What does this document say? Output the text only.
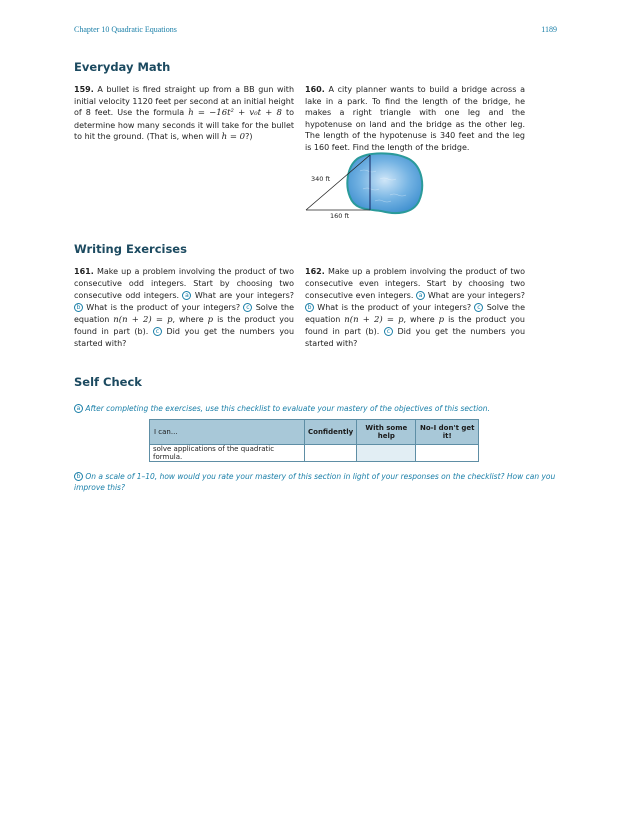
Chapter 10 Quadratic Equations	1189
Everyday Math
159. A bullet is fired straight up from a BB gun with initial velocity 1120 feet per second at an initial height of 8 feet. Use the formula h = −16t² + v₀t + 8 to determine how many seconds it will take for the bullet to hit the ground. (That is, when will h = 0?)
160. A city planner wants to build a bridge across a lake in a park. To find the length of the bridge, he makes a right triangle with one leg and the hypotenuse on land and the bridge as the other leg. The length of the hypotenuse is 340 feet and the leg is 160 feet. Find the length of the bridge.
340 ft
160 ft
Writing Exercises
161. Make up a problem involving the product of two consecutive odd integers. Start by choosing two consecutive odd integers. a What are your integers? b What is the product of your integers? c Solve the equation n(n + 2) = p, where p is the product you found in part (b). c Did you get the numbers you started with?
162. Make up a problem involving the product of two consecutive even integers. Start by choosing two consecutive even integers. a What are your integers? b What is the product of your integers? c Solve the equation n(n + 2) = p, where p is the product you found in part (b). c Did you get the numbers you started with?
Self Check
a After completing the exercises, use this checklist to evaluate your mastery of the objectives of this section.
I can...	Confidently	With some help	No-I don't get it!
solve applications of the quadratic formula.			
b On a scale of 1–10, how would you rate your mastery of this section in light of your responses on the checklist? How can you improve this?
